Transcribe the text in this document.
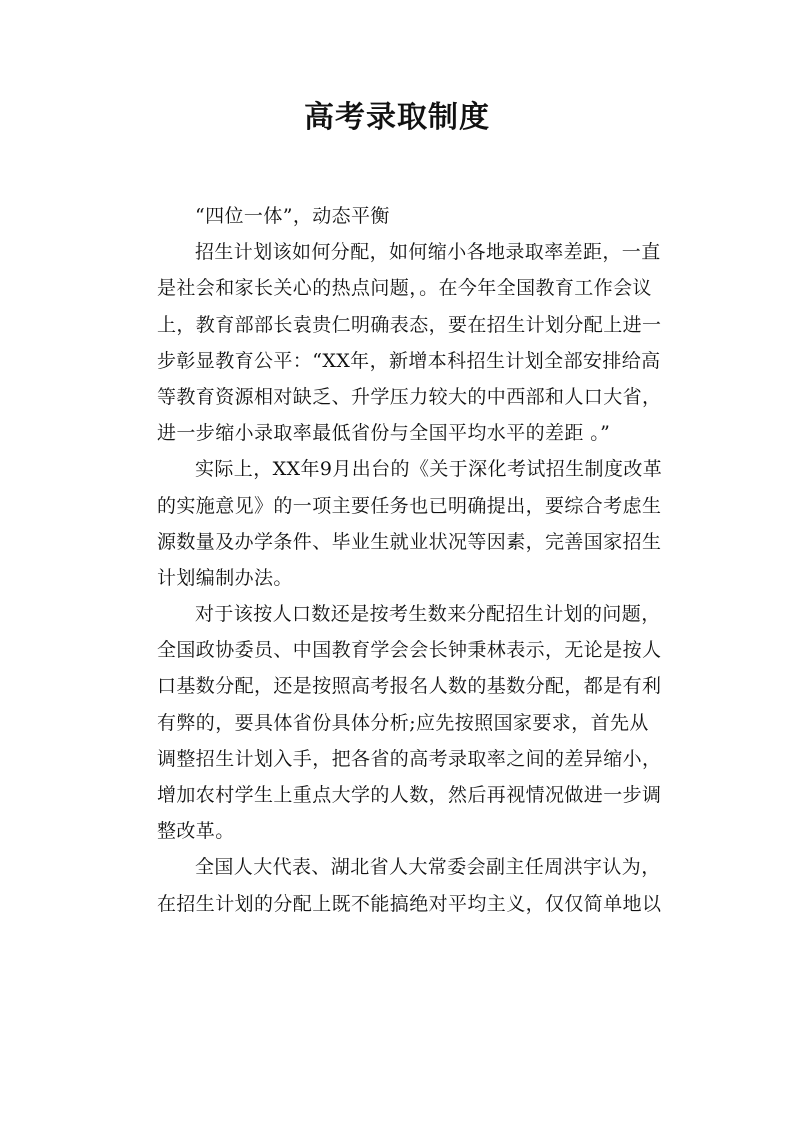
高考录取制度
“四位一体”，动态平衡
招生计划该如何分配，如何缩小各地录取率差距，一直
是社会和家长关心的热点问题，。在今年全国教育工作会议
上，教育部部长袁贵仁明确表态，要在招生计划分配上进一
步彰显教育公平：“XX年，新增本科招生计划全部安排给高
等教育资源相对缺乏、升学压力较大的中西部和人口大省，
进一步缩小录取率最低省份与全国平均水平的差距 。”
实际上，XX年9月出台的《关于深化考试招生制度改革
的实施意见》的一项主要任务也已明确提出，要综合考虑生
源数量及办学条件、毕业生就业状况等因素，完善国家招生
计划编制办法。
对于该按人口数还是按考生数来分配招生计划的问题，
全国政协委员、中国教育学会会长钟秉林表示，无论是按人
口基数分配，还是按照高考报名人数的基数分配，都是有利
有弊的，要具体省份具体分析;应先按照国家要求，首先从
调整招生计划入手，把各省的高考录取率之间的差异缩小，
增加农村学生上重点大学的人数，然后再视情况做进一步调
整改革。
全国人大代表、湖北省人大常委会副主任周洪宇认为，
在招生计划的分配上既不能搞绝对平均主义，仅仅简单地以
